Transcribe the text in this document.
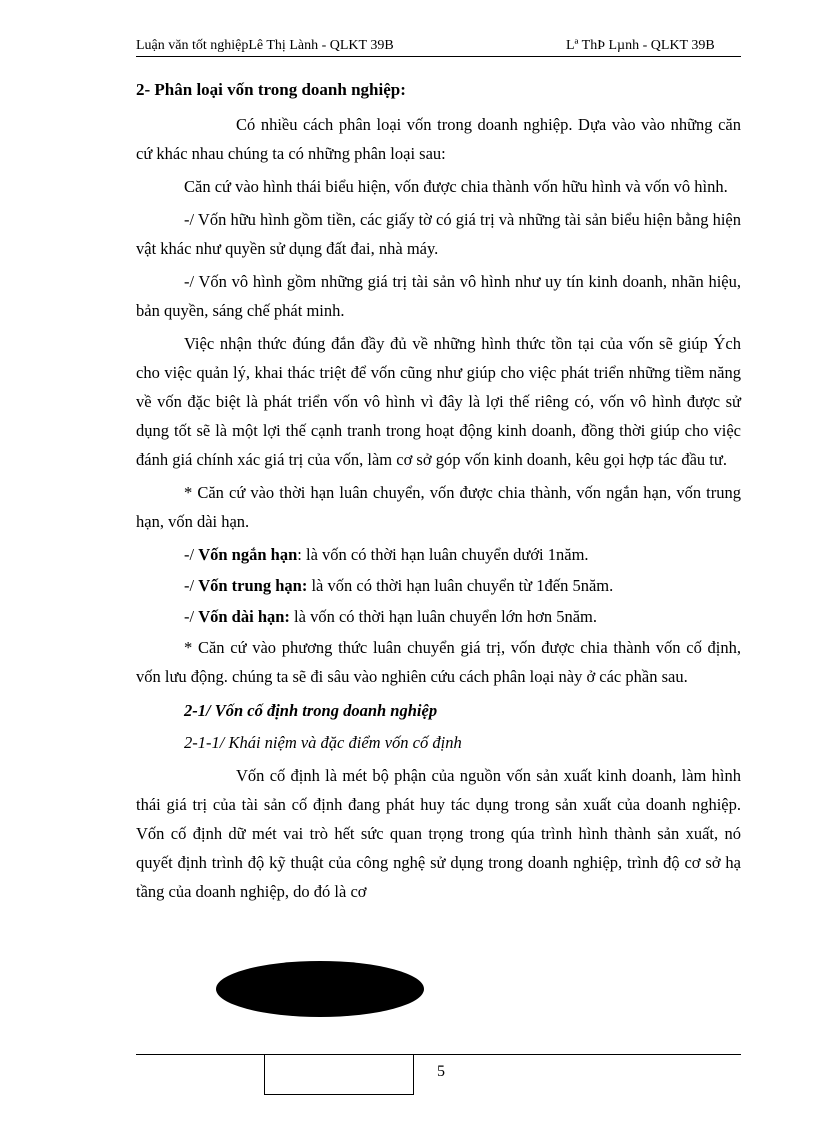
Luận văn tốt nghiệpLê Thị Lành - QLKT 39B	Lª ThÞ Lµnh - QLKT 39B
2- Phân loại vốn trong doanh nghiệp:

Có nhiều cách phân loại vốn trong doanh nghiệp. Dựa vào vào những căn cứ khác nhau chúng ta có những phân loại sau:

Căn cứ vào hình thái biểu hiện, vốn được chia thành vốn hữu hình và vốn vô hình.

-/ Vốn hữu hình gồm tiền, các giấy tờ có giá trị và những tài sản biểu hiện bằng hiện vật khác như quyền sử dụng đất đai, nhà máy.

-/ Vốn vô hình gồm những giá trị tài sản vô hình như uy tín kinh doanh, nhãn hiệu, bản quyền, sáng chế phát minh.

Việc nhận thức đúng đắn đầy đủ về những hình thức tồn tại của vốn sẽ giúp Ých cho việc quản lý, khai thác triệt để vốn cũng như giúp cho việc phát triển những tiềm năng về vốn đặc biệt là phát triển vốn vô hình vì đây là lợi thế riêng có, vốn vô hình được sử dụng tốt sẽ là một lợi thế cạnh tranh trong hoạt động kinh doanh, đồng thời giúp cho việc đánh giá chính xác giá trị của vốn, làm cơ sở góp vốn kinh doanh, kêu gọi hợp tác đầu tư.

* Căn cứ vào thời hạn luân chuyển, vốn được chia thành, vốn ngắn hạn, vốn trung hạn, vốn dài hạn.

-/ Vốn ngắn hạn: là vốn có thời hạn luân chuyển dưới 1năm.

-/ Vốn trung hạn: là vốn có thời hạn luân chuyển từ 1đến 5năm.

-/ Vốn dài hạn: là vốn có thời hạn luân chuyển lớn hơn 5năm.

* Căn cứ vào phương thức luân chuyển giá trị, vốn được chia thành vốn cố định, vốn lưu động. chúng ta sẽ đi sâu vào nghiên cứu cách phân loại này ở các phần sau.

2-1/ Vốn cố định trong doanh nghiệp
2-1-1/ Khái niệm và đặc điểm vốn cố định

Vốn cố định là mét bộ phận của nguồn vốn sản xuất kinh doanh, làm hình thái giá trị của tài sản cố định đang phát huy tác dụng trong sản xuất của doanh nghiệp. Vốn cố định dữ mét vai trò hết sức quan trọng trong qúa trình hình thành sản xuất, nó quyết định trình độ kỹ thuật của công nghệ sử dụng trong doanh nghiệp, trình độ cơ sở hạ tầng của doanh nghiệp, do đó là cơ

5
